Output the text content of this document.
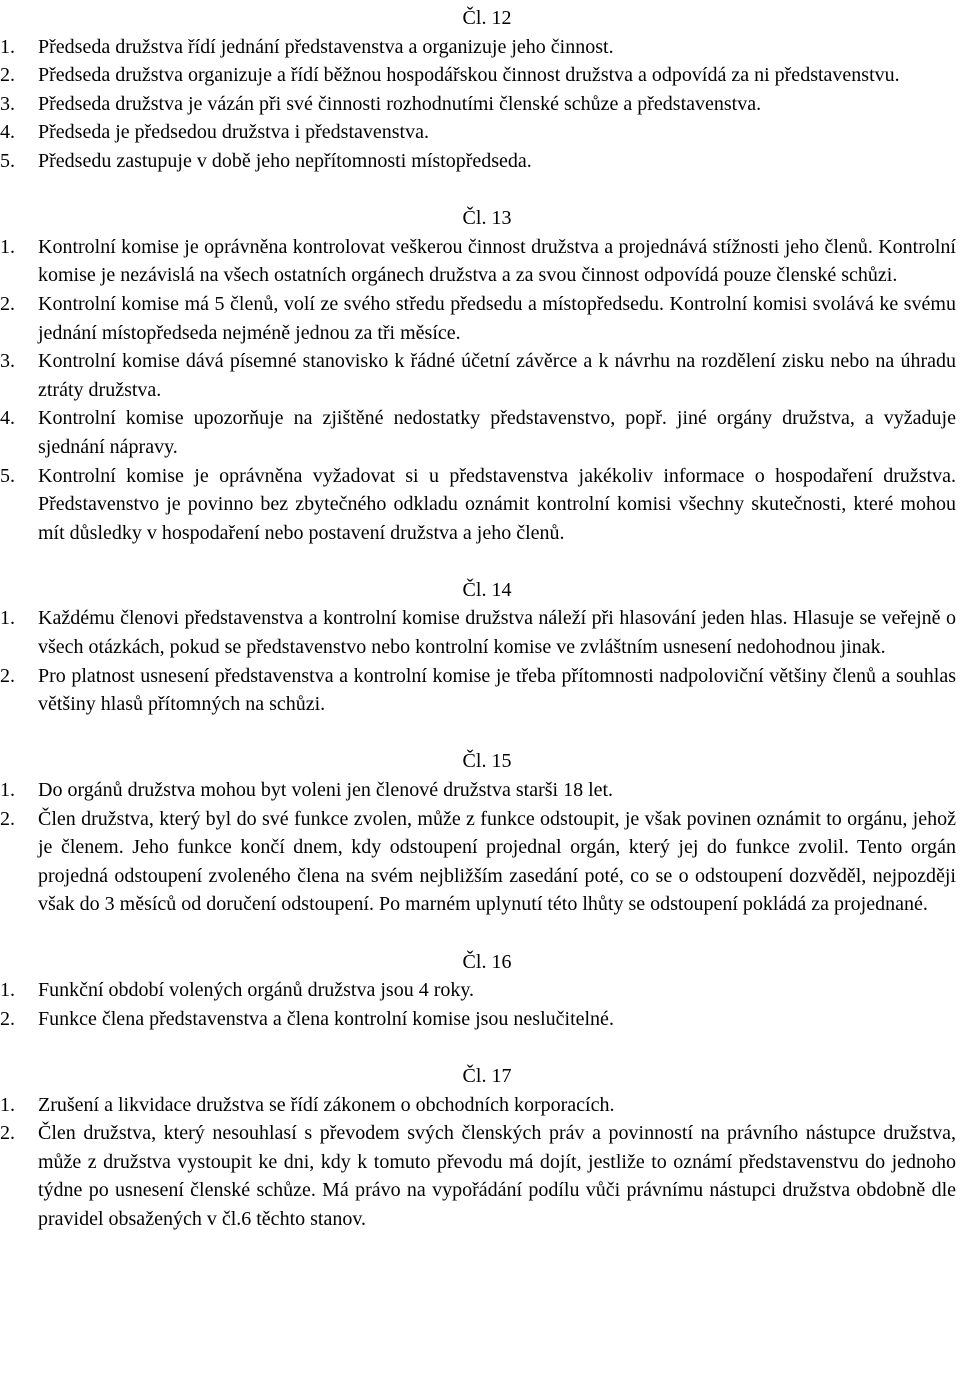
Čl. 12

1. Předseda družstva řídí jednání představenstva a organizuje jeho činnost.

2. Předseda družstva organizuje a řídí běžnou hospodářskou činnost družstva a odpovídá za ni představenstvu.

3. Předseda družstva je vázán při své činnosti rozhodnutími členské schůze a představenstva.

4. Předseda je předsedou družstva i představenstva.

5. Předsedu zastupuje v době jeho nepřítomnosti místopředseda.

Čl. 13

1. Kontrolní komise je oprávněna kontrolovat veškerou činnost družstva a projednává stížnosti jeho členů. Kontrolní komise je nezávislá na všech ostatních orgánech družstva a za svou činnost odpovídá pouze členské schůzi.

2. Kontrolní komise má 5 členů, volí ze svého středu předsedu a místopředsedu. Kontrolní komisi svolává ke svému jednání místopředseda nejméně jednou za tři měsíce.

3. Kontrolní komise dává písemné stanovisko k řádné účetní závěrce a k návrhu na rozdělení zisku nebo na úhradu ztráty družstva.

4. Kontrolní komise upozorňuje na zjištěné nedostatky představenstvo, popř. jiné orgány družstva, a vyžaduje sjednání nápravy.

5. Kontrolní komise je oprávněna vyžadovat si u představenstva jakékoliv informace o hospodaření družstva. Představenstvo je povinno bez zbytečného odkladu oznámit kontrolní komisi všechny skutečnosti, které mohou mít důsledky v hospodaření nebo postavení družstva a jeho členů.

Čl. 14

1. Každému členovi představenstva a kontrolní komise družstva náleží při hlasování jeden hlas. Hlasuje se veřejně o všech otázkách, pokud se představenstvo nebo kontrolní komise ve zvláštním usnesení nedohodnou jinak.

2. Pro platnost usnesení představenstva a kontrolní komise je třeba přítomnosti nadpoloviční většiny členů a souhlas většiny hlasů přítomných na schůzi.

Čl. 15

1. Do orgánů družstva mohou byt voleni jen členové družstva starši 18 let.

2. Člen družstva, který byl do své funkce zvolen, může z funkce odstoupit, je však povinen oznámit to orgánu, jehož je členem. Jeho funkce končí dnem, kdy odstoupení projednal orgán, který jej do funkce zvolil. Tento orgán projedná odstoupení zvoleného člena na svém nejbližším zasedání poté, co se o odstoupení dozvěděl, nejpozději však do 3 měsíců od doručení odstoupení. Po marném uplynutí této lhůty se odstoupení pokládá za projednané.

Čl. 16

1. Funkční období volených orgánů družstva jsou 4 roky.

2. Funkce člena představenstva a člena kontrolní komise jsou neslučitelné.

Čl. 17

1. Zrušení a likvidace družstva se řídí zákonem o obchodních korporacích.

2. Člen družstva, který nesouhlasí s převodem svých členských práv a povinností na právního nástupce družstva, může z družstva vystoupit ke dni, kdy k tomuto převodu má dojít, jestliže to oznámí představenstvu do jednoho týdne po usnesení členské schůze. Má právo na vypořádání podílu vůči právnímu nástupci družstva obdobně dle pravidel obsažených v čl.6 těchto stanov.
